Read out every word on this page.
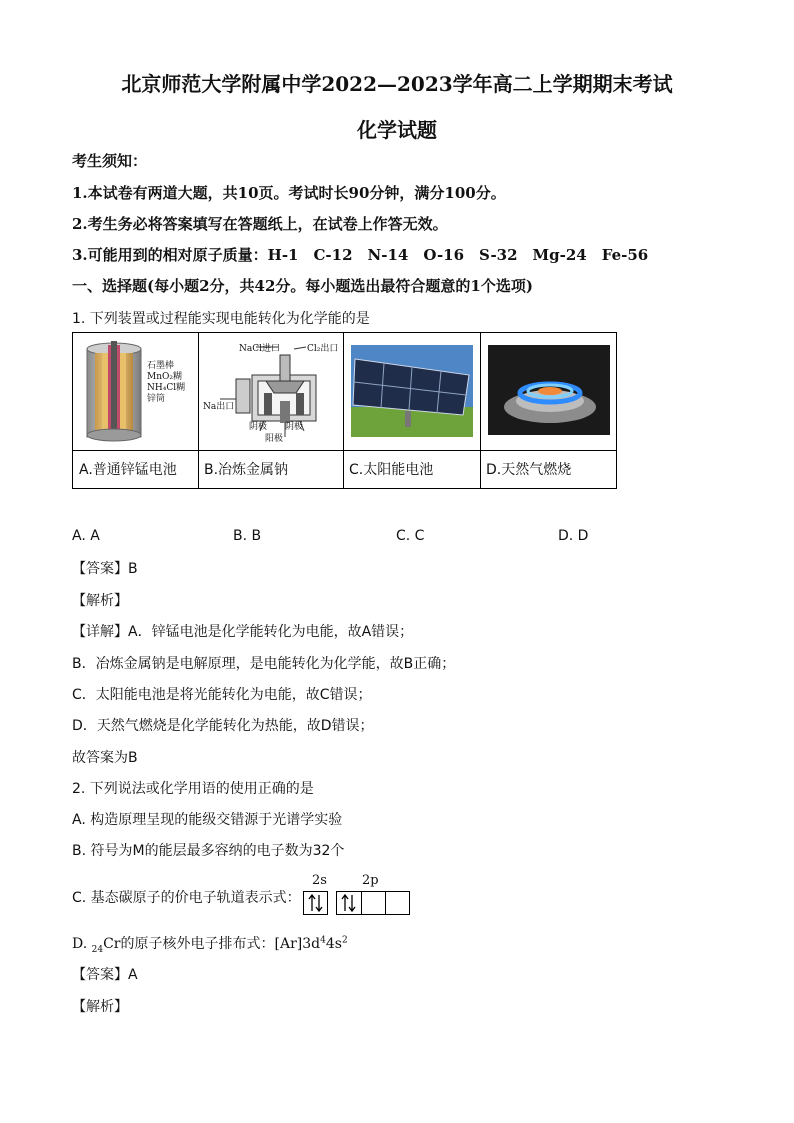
北京师范大学附属中学2022—2023学年高二上学期期末考试
化学试题
考生须知：
1.本试卷有两道大题，共10页。考试时长90分钟，满分100分。
2.考生务必将答案填写在答题纸上，在试卷上作答无效。
3.可能用到的相对原子质量：H-1　C-12　N-14　O-16　S-32　Mg-24　Fe-56
一、选择题(每小题2分，共42分。每小题选出最符合题意的1个选项)
1. 下列装置或过程能实现电能转化为化学能的是
石墨棒
MnO₂糊
NH₄Cl糊
锌筒
NaCl进口	Cl₂出口
Na出口
阴极 阴极
阳极
A.普通锌锰电池	B.冶炼金属钠	C.太阳能电池	D.天然气燃烧
A. A	B. B	C. C	D. D
【答案】B
【解析】
【详解】A．锌锰电池是化学能转化为电能，故A错误；
B．冶炼金属钠是电解原理，是电能转化为化学能，故B正确；
C．太阳能电池是将光能转化为电能，故C错误；
D．天然气燃烧是化学能转化为热能，故D错误；
故答案为B
2. 下列说法或化学用语的使用正确的是
A. 构造原理呈现的能级交错源于光谱学实验
B. 符号为M的能层最多容纳的电子数为32个
C. 基态碳原子的价电子轨道表示式：
2s	2p
D. $_{24}$Cr的原子核外电子排布式：$[Ar]3d^44s^2$
【答案】A
【解析】
